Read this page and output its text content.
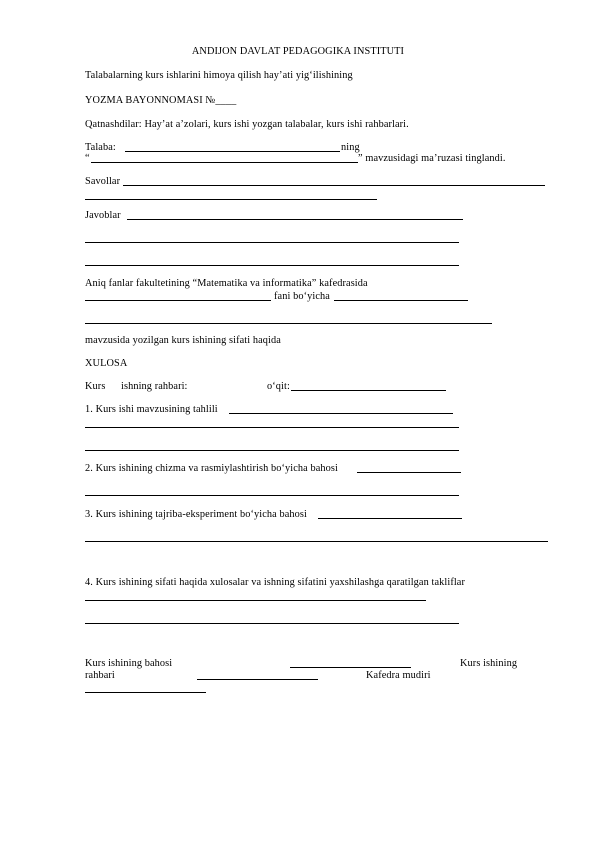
ANDIJON DAVLAT PEDAGOGIKA INSTITUTI
Talabalarning kurs ishlarini himoya qilish hay’ati yig‘ilishining
YOZMA BAYONNOMASI №____
Qatnashdilar: Hay’at a’zolari, kurs ishi yozgan talabalar, kurs ishi rahbarlari.
Talaba:	ning
“	” mavzusidagi ma’ruzasi tinglandi.
Savollar
Javoblar
Aniq fanlar fakultetining “Matematika va informatika” kafedrasida
fani bo‘yicha
mavzusida yozilgan kurs ishining sifati haqida
XULOSA
Kurs ishning rahbari:	o‘qit:
1. Kurs ishi mavzusining tahlili
2. Kurs ishining chizma va rasmiylashtirish bo‘yicha bahosi
3. Kurs ishining tajriba-eksperiment bo‘yicha bahosi
4. Kurs ishining sifati haqida xulosalar va ishning sifatini yaxshilashga qaratilgan takliflar
Kurs ishining bahosi	Kurs ishining
rahbari	Kafedra mudiri
